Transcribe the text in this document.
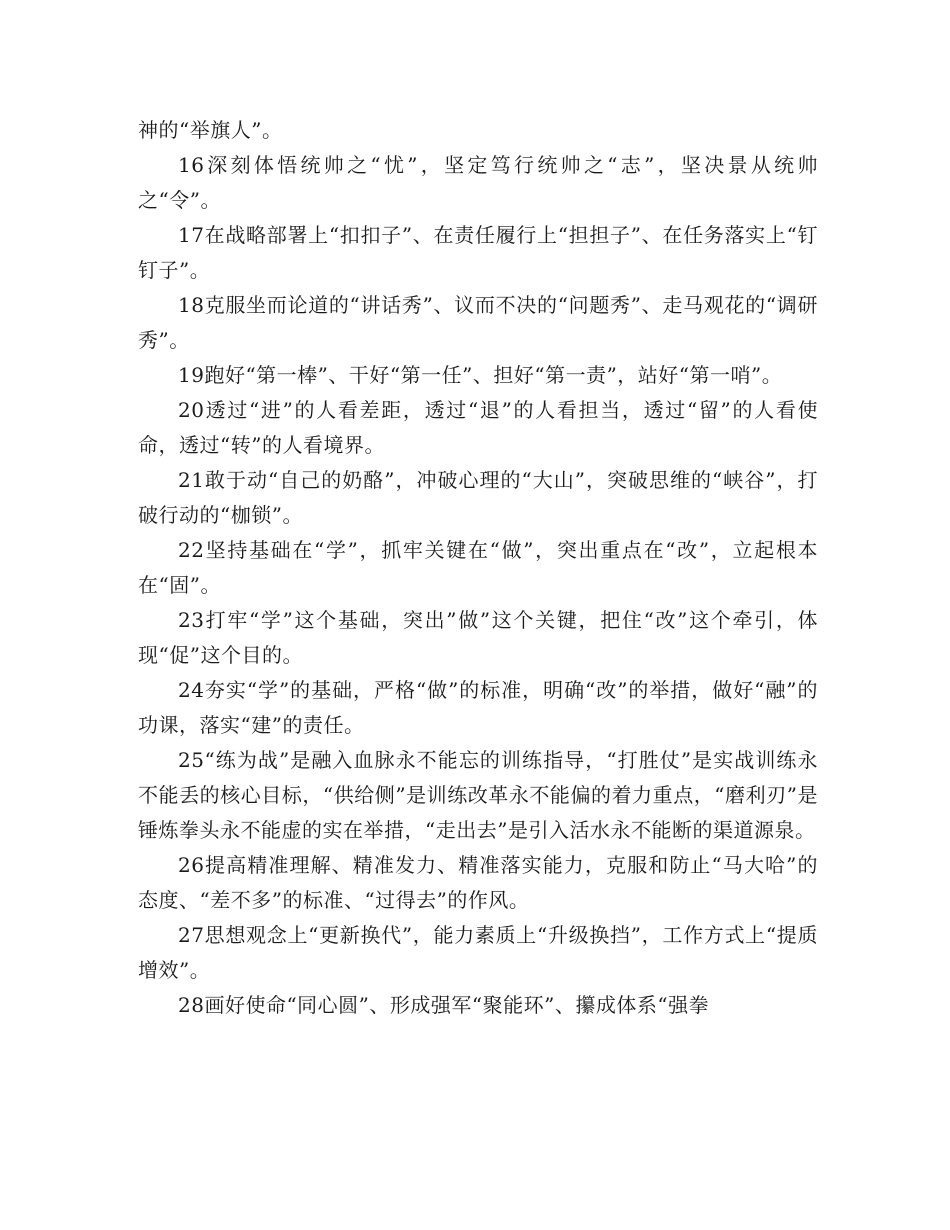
神的“举旗人”。

16深刻体悟统帅之“忧”，坚定笃行统帅之“志”，坚决景从统帅之“令”。

17在战略部署上“扣扣子”、在责任履行上“担担子”、在任务落实上“钉钉子”。

18克服坐而论道的“讲话秀”、议而不决的“问题秀”、走马观花的“调研秀”。

19跑好“第一棒”、干好“第一任”、担好“第一责”，站好“第一哨”。

20透过“进”的人看差距，透过“退”的人看担当，透过“留”的人看使命，透过“转”的人看境界。

21敢于动“自己的奶酪”，冲破心理的“大山”，突破思维的“峡谷”，打破行动的“枷锁”。

22坚持基础在“学”，抓牢关键在“做”，突出重点在“改”，立起根本在“固”。

23打牢“学”这个基础，突出”做”这个关键，把住“改”这个牵引，体现“促”这个目的。

24夯实“学”的基础，严格“做”的标准，明确“改”的举措，做好“融”的功课，落实“建”的责任。

25“练为战”是融入血脉永不能忘的训练指导，“打胜仗”是实战训练永不能丢的核心目标，“供给侧”是训练改革永不能偏的着力重点，“磨利刃”是锤炼拳头永不能虚的实在举措，“走出去”是引入活水永不能断的渠道源泉。

26提高精准理解、精准发力、精准落实能力，克服和防止“马大哈”的态度、“差不多”的标准、“过得去”的作风。

27思想观念上“更新换代”，能力素质上“升级换挡”，工作方式上“提质增效”。

28画好使命“同心圆”、形成强军“聚能环”、攥成体系“强拳
